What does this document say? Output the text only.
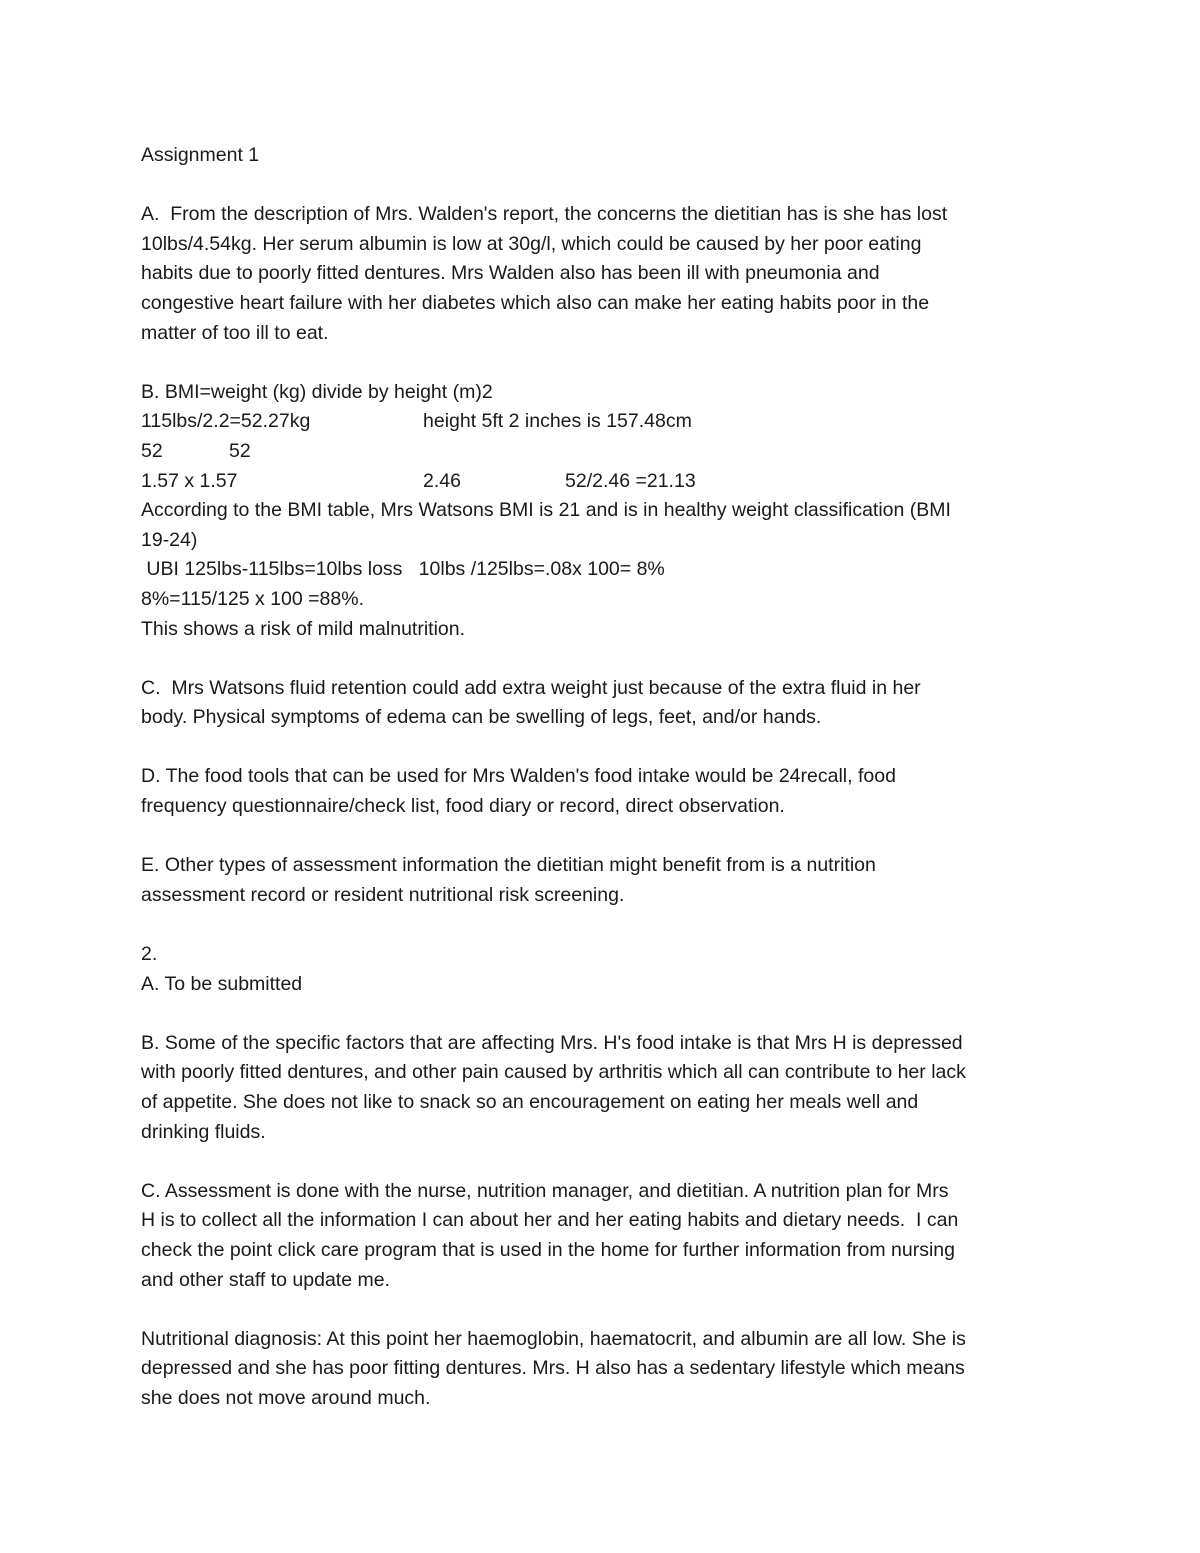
Assignment 1
A.  From the description of Mrs. Walden's report, the concerns the dietitian has is she has lost
10lbs/4.54kg. Her serum albumin is low at 30g/l, which could be caused by her poor eating
habits due to poorly fitted dentures. Mrs Walden also has been ill with pneumonia and
congestive heart failure with her diabetes which also can make her eating habits poor in the
matter of too ill to eat.
B. BMI=weight (kg) divide by height (m)2

115lbs/2.2=52.27kg

	height 5ft 2 inches is 157.48cm

52

	52

1.57 x 1.57

	2.46

	52/2.46 =21.13

According to the BMI table, Mrs Watsons BMI is 21 and is in healthy weight classification (BMI
19-24)
UBI 125lbs-115lbs=10lbs loss   10lbs /125lbs=.08x 100= 8%
8%=115/125 x 100 =88%.
This shows a risk of mild malnutrition.
C.  Mrs Watsons fluid retention could add extra weight just because of the extra fluid in her
body. Physical symptoms of edema can be swelling of legs, feet, and/or hands.
D. The food tools that can be used for Mrs Walden's food intake would be 24recall, food
frequency questionnaire/check list, food diary or record, direct observation.
E. Other types of assessment information the dietitian might benefit from is a nutrition
assessment record or resident nutritional risk screening.
2.
A. To be submitted
B. Some of the specific factors that are affecting Mrs. H's food intake is that Mrs H is depressed
with poorly fitted dentures, and other pain caused by arthritis which all can contribute to her lack
of appetite. She does not like to snack so an encouragement on eating her meals well and
drinking fluids.
C. Assessment is done with the nurse, nutrition manager, and dietitian. A nutrition plan for Mrs
H is to collect all the information I can about her and her eating habits and dietary needs.  I can
check the point click care program that is used in the home for further information from nursing
and other staff to update me.
Nutritional diagnosis: At this point her haemoglobin, haematocrit, and albumin are all low. She is
depressed and she has poor fitting dentures. Mrs. H also has a sedentary lifestyle which means
she does not move around much.
